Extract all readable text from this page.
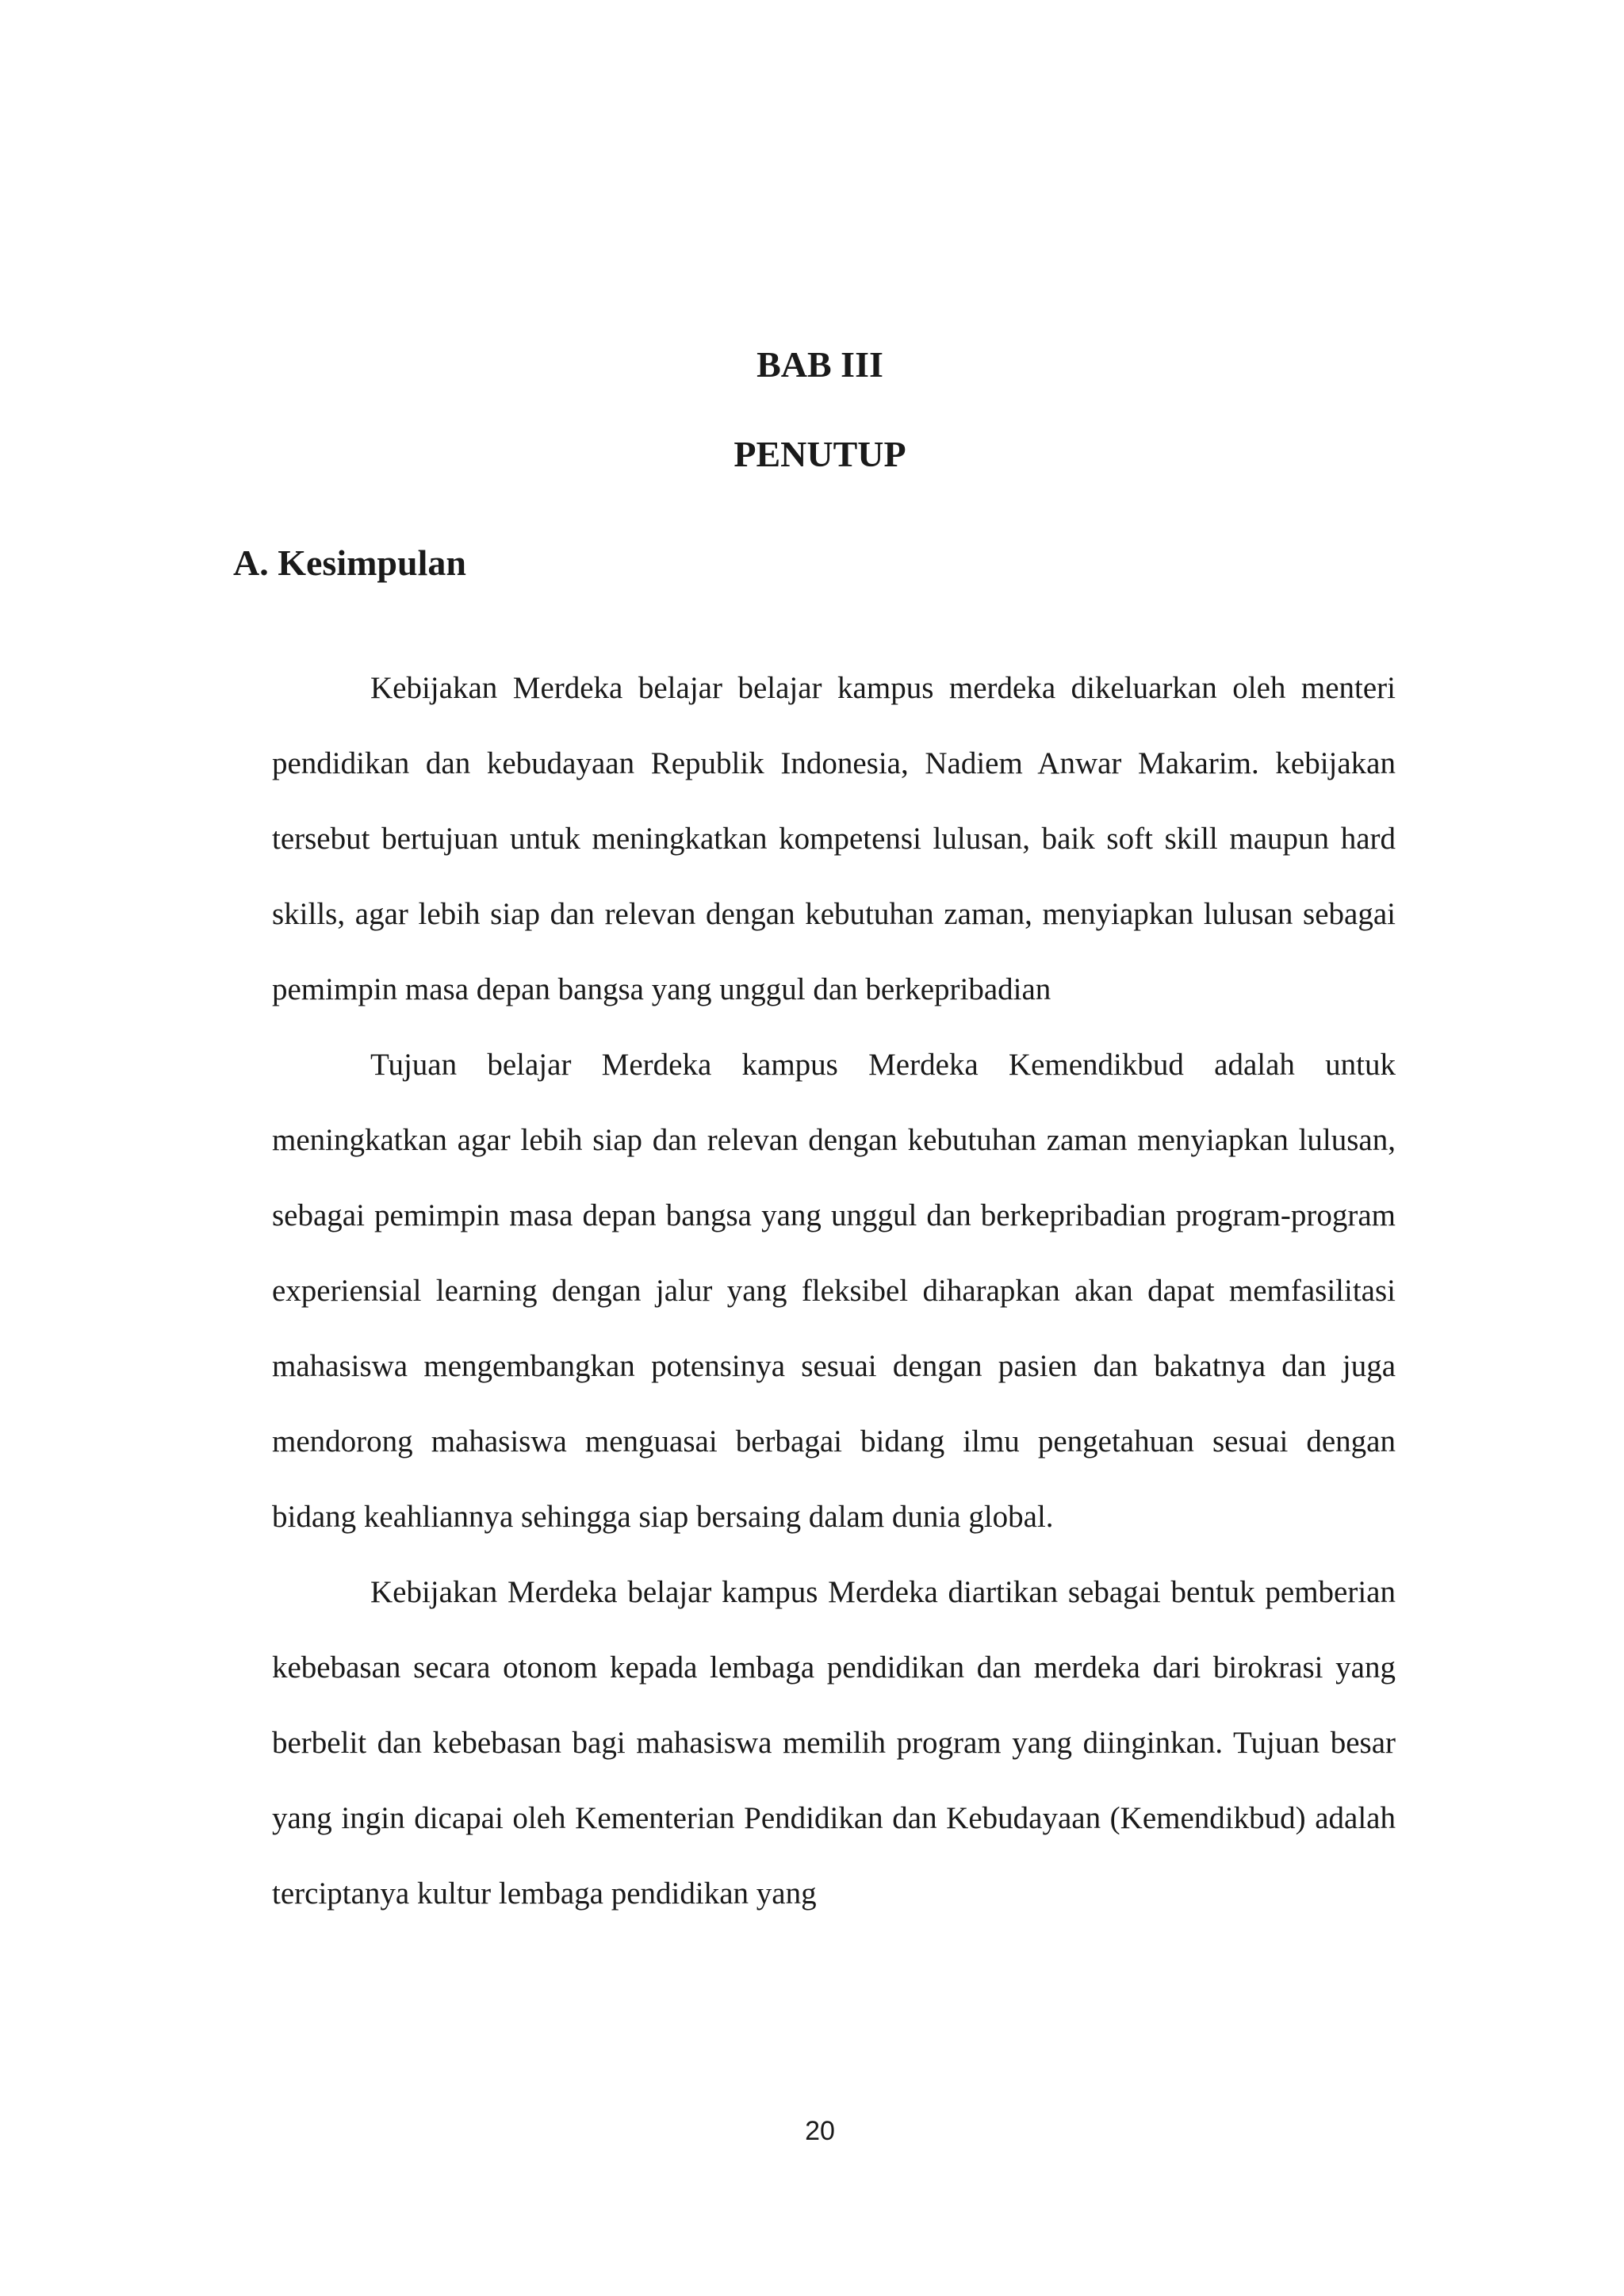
BAB III
PENUTUP
A. Kesimpulan

Kebijakan Merdeka belajar belajar kampus merdeka dikeluarkan oleh menteri pendidikan dan kebudayaan Republik Indonesia, Nadiem Anwar Makarim. kebijakan tersebut bertujuan untuk meningkatkan kompetensi lulusan, baik soft skill maupun hard skills, agar lebih siap dan relevan dengan kebutuhan zaman, menyiapkan lulusan sebagai pemimpin masa depan bangsa yang unggul dan berkepribadian

Tujuan belajar Merdeka kampus Merdeka Kemendikbud adalah untuk meningkatkan agar lebih siap dan relevan dengan kebutuhan zaman menyiapkan lulusan, sebagai pemimpin masa depan bangsa yang unggul dan berkepribadian program-program experiensial learning dengan jalur yang fleksibel diharapkan akan dapat memfasilitasi mahasiswa mengembangkan potensinya sesuai dengan pasien dan bakatnya dan juga mendorong mahasiswa menguasai berbagai bidang ilmu pengetahuan sesuai dengan bidang keahliannya sehingga siap bersaing dalam dunia global.

Kebijakan Merdeka belajar kampus Merdeka diartikan sebagai bentuk pemberian kebebasan secara otonom kepada lembaga pendidikan dan merdeka dari birokrasi yang berbelit dan kebebasan bagi mahasiswa memilih program yang diinginkan. Tujuan besar yang ingin dicapai oleh Kementerian Pendidikan dan Kebudayaan (Kemendikbud) adalah terciptanya kultur lembaga pendidikan yang

20
